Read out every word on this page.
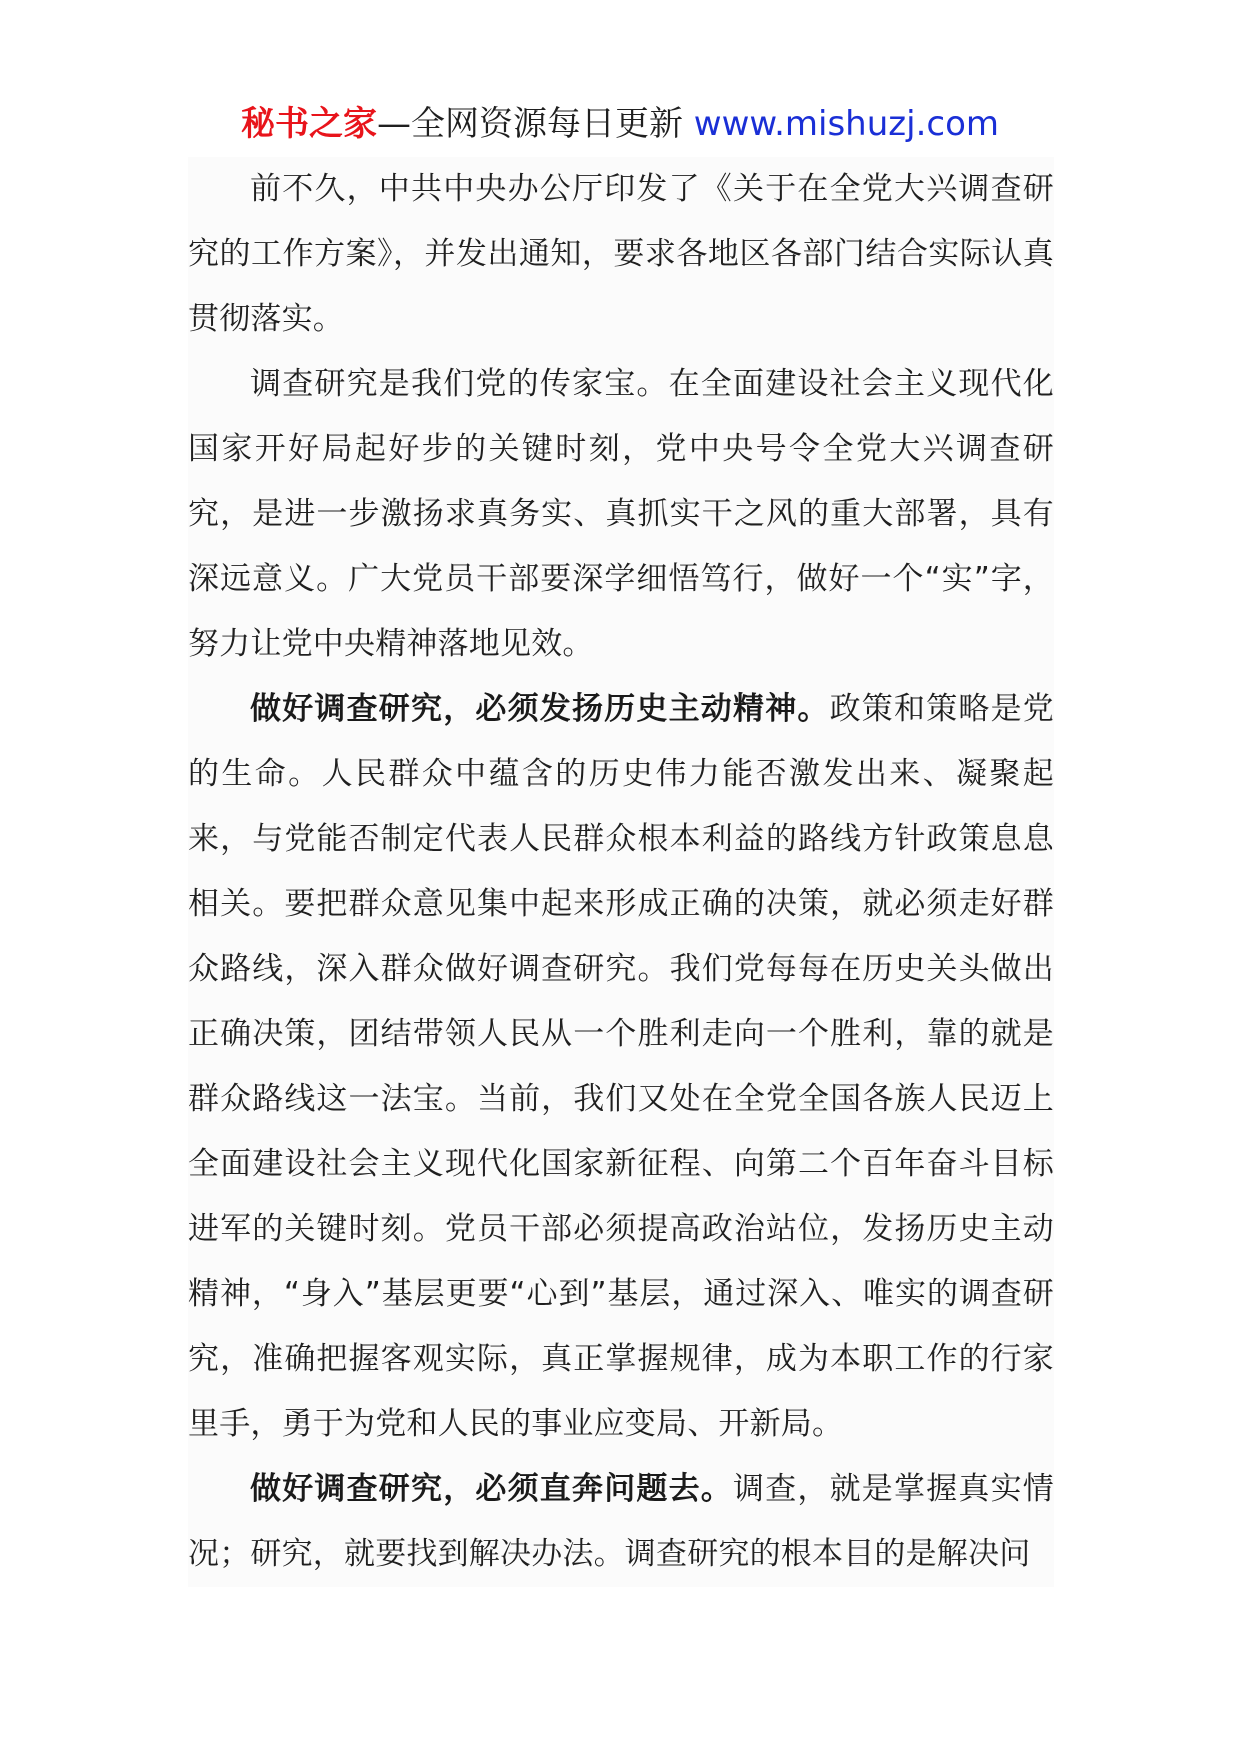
秘书之家—全网资源每日更新 www.mishuzj.com

前不久，中共中央办公厅印发了《关于在全党大兴调查研究的工作方案》，并发出通知，要求各地区各部门结合实际认真贯彻落实。

调查研究是我们党的传家宝。在全面建设社会主义现代化国家开好局起好步的关键时刻，党中央号令全党大兴调查研究，是进一步激扬求真务实、真抓实干之风的重大部署，具有深远意义。广大党员干部要深学细悟笃行，做好一个“实”字，努力让党中央精神落地见效。

做好调查研究，必须发扬历史主动精神。政策和策略是党的生命。人民群众中蕴含的历史伟力能否激发出来、凝聚起来，与党能否制定代表人民群众根本利益的路线方针政策息息相关。要把群众意见集中起来形成正确的决策，就必须走好群众路线，深入群众做好调查研究。我们党每每在历史关头做出正确决策，团结带领人民从一个胜利走向一个胜利，靠的就是群众路线这一法宝。当前，我们又处在全党全国各族人民迈上全面建设社会主义现代化国家新征程、向第二个百年奋斗目标进军的关键时刻。党员干部必须提高政治站位，发扬历史主动精神，“身入”基层更要“心到”基层，通过深入、唯实的调查研究，准确把握客观实际，真正掌握规律，成为本职工作的行家里手，勇于为党和人民的事业应变局、开新局。

做好调查研究，必须直奔问题去。调查，就是掌握真实情况；研究，就要找到解决办法。调查研究的根本目的是解决问
